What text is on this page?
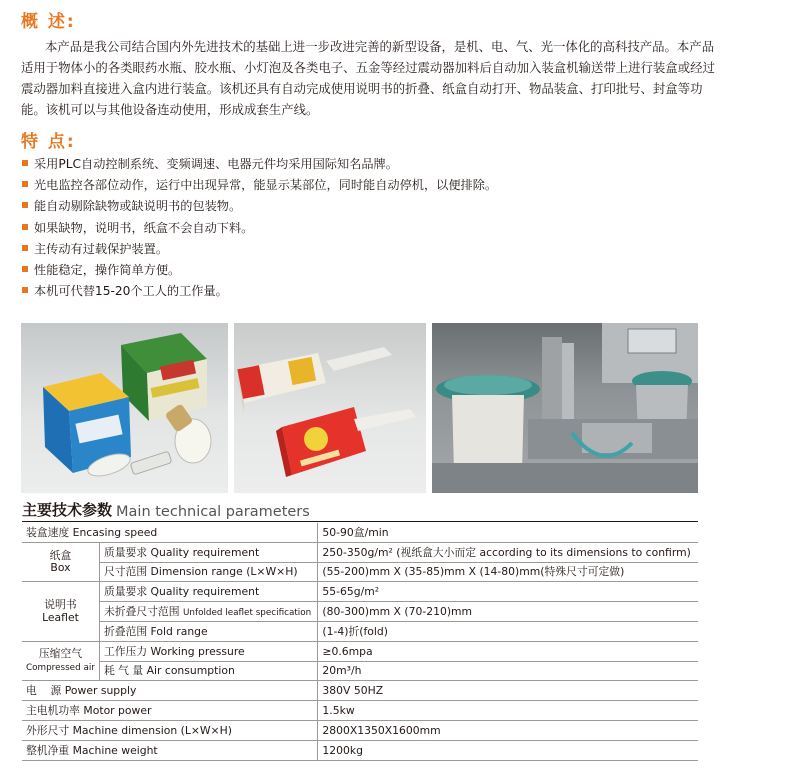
概 述:
本产品是我公司结合国内外先进技术的基础上进一步改进完善的新型设备，是机、电、气、光一体化的高科技产品。本产品适用于物体小的各类眼药水瓶、胶水瓶、小灯泡及各类电子、五金等经过震动器加料后自动加入装盒机输送带上进行装盒或经过震动器加料直接进入盒内进行装盒。该机还具有自动完成使用说明书的折叠、纸盒自动打开、物品装盒、打印批号、封盒等功能。该机可以与其他设备连动使用，形成成套生产线。
特 点:
采用PLC自动控制系统、变频调速、电器元件均采用国际知名品牌。
光电监控各部位动作，运行中出现异常，能显示某部位，同时能自动停机，以便排除。
能自动剔除缺物或缺说明书的包装物。
如果缺物，说明书，纸盒不会自动下料。
主传动有过载保护装置。
性能稳定，操作简单方便。
本机可代替15-20个工人的工作量。
主要技术参数 Main technical parameters
装盒速度 Encasing speed		50-90盒/min
纸盒
Box	质量要求 Quality requirement	250-350g/m² (视纸盒大小而定 according to its dimensions to confirm)
	尺寸范围 Dimension range (L×W×H)	(55-200)mm X (35-85)mm X (14-80)mm(特殊尺寸可定做)
说明书
Leaflet	质量要求 Quality requirement	55-65g/m²
	未折叠尺寸范围 Unfolded leaflet specification	(80-300)mm X (70-210)mm
	折叠范围 Fold range	(1-4)折(fold)
压缩空气
Compressed air	工作压力 Working pressure	≥0.6mpa
	耗 气 量 Air consumption	20m³/h
电    源 Power supply		380V 50HZ
主电机功率 Motor power		1.5kw
外形尺寸 Machine dimension (L×W×H)		2800X1350X1600mm
整机净重 Machine weight		1200kg
